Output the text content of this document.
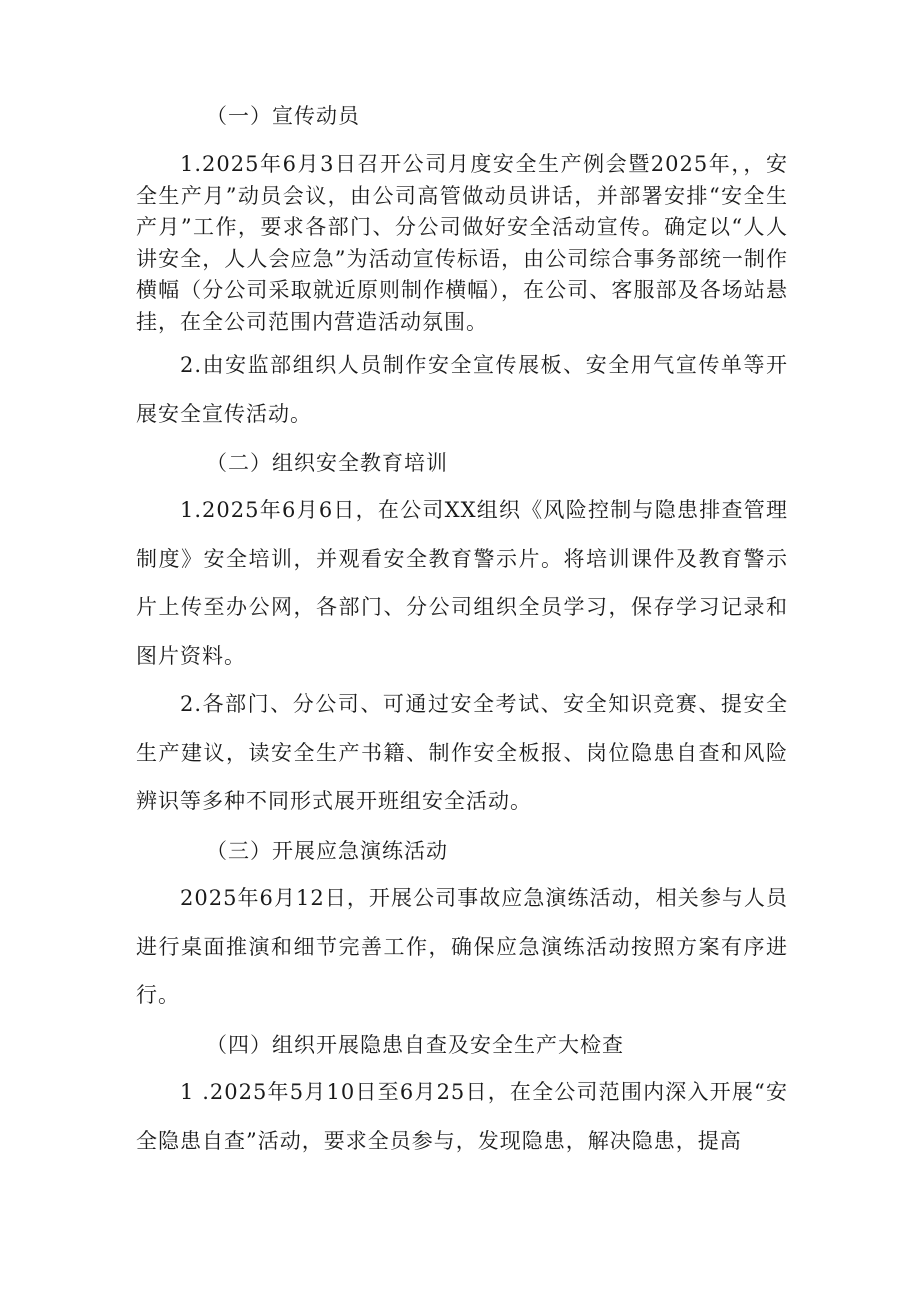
（一）宣传动员

1.2025年6月3日召开公司月度安全生产例会暨2025年，，安全生产月”动员会议，由公司高管做动员讲话，并部署安排“安全生产月”工作，要求各部门、分公司做好安全活动宣传。确定以“人人讲安全，人人会应急”为活动宣传标语，由公司综合事务部统一制作横幅（分公司采取就近原则制作横幅），在公司、客服部及各场站悬挂，在全公司范围内营造活动氛围。

2.由安监部组织人员制作安全宣传展板、安全用气宣传单等开展安全宣传活动。

（二）组织安全教育培训

1.2025年6月6日，在公司XX组织《风险控制与隐患排查管理制度》安全培训，并观看安全教育警示片。将培训课件及教育警示片上传至办公网，各部门、分公司组织全员学习，保存学习记录和图片资料。

2.各部门、分公司、可通过安全考试、安全知识竞赛、提安全生产建议，读安全生产书籍、制作安全板报、岗位隐患自查和风险辨识等多种不同形式展开班组安全活动。

（三）开展应急演练活动

2025年6月12日，开展公司事故应急演练活动，相关参与人员进行桌面推演和细节完善工作，确保应急演练活动按照方案有序进行。

（四）组织开展隐患自查及安全生产大检查

1 .2025年5月10日至6月25日，在全公司范围内深入开展“安全隐患自查”活动，要求全员参与，发现隐患，解决隐患，提高
